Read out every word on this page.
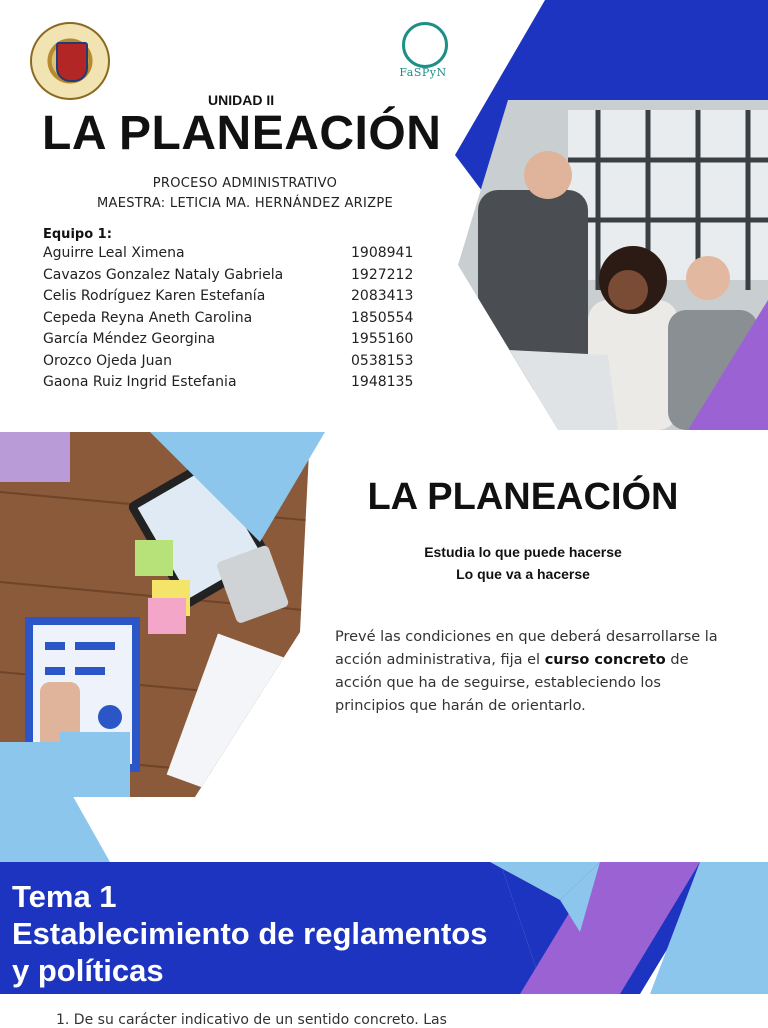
FaSPyN
UNIDAD II
LA PLANEACIÓN
PROCESO ADMINISTRATIVO
MAESTRA: LETICIA MA. HERNÁNDEZ ARIZPE
Equipo 1:
Aguirre Leal Ximena	1908941
Cavazos Gonzalez Nataly Gabriela	1927212
Celis Rodríguez Karen Estefanía	2083413
Cepeda Reyna Aneth Carolina	1850554
García Méndez Georgina	1955160
Orozco Ojeda Juan	0538153
Gaona Ruiz Ingrid Estefania	1948135
LA PLANEACIÓN
Estudia lo que puede hacerse
Lo que va a hacerse
Prevé las condiciones en que deberá desarrollarse la acción administrativa, fija el curso concreto de acción que ha de seguirse, estableciendo los principios que harán de orientarlo.
Tema 1
Establecimiento de reglamentos
y políticas
1. De su carácter indicativo de un sentido concreto. Las
